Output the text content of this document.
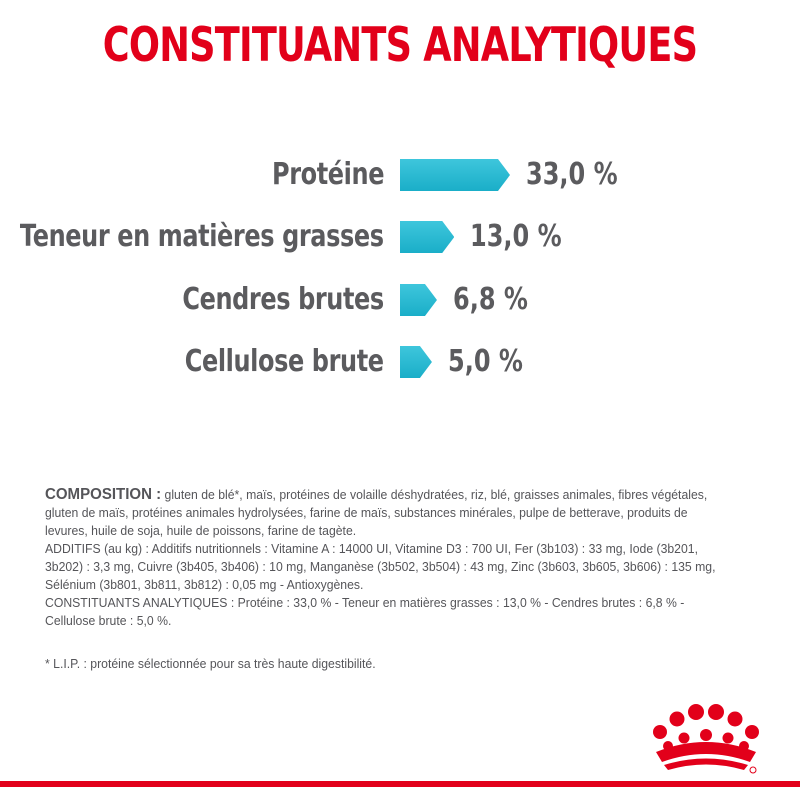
CONSTITUANTS ANALYTIQUES
Protéine	33,0 %
Teneur en matières grasses	13,0 %
Cendres brutes 6,8 %
Cellulose brute 5,0 %

COMPOSITION : gluten de blé*, maïs, protéines de volaille déshydratées, riz, blé, graisses animales, fibres végétales, gluten de maïs, protéines animales hydrolysées, farine de maïs, substances minérales, pulpe de betterave, produits de levures, huile de soja, huile de poissons, farine de tagète.

ADDITIFS (au kg) : Additifs nutritionnels : Vitamine A : 14000 UI, Vitamine D3 : 700 UI, Fer (3b103) : 33 mg, Iode (3b201, 3b202) : 3,3 mg, Cuivre (3b405, 3b406) : 10 mg, Manganèse (3b502, 3b504) : 43 mg, Zinc (3b603, 3b605, 3b606) : 135 mg, Sélénium (3b801, 3b811, 3b812) : 0,05 mg - Antioxygènes.

CONSTITUANTS ANALYTIQUES : Protéine : 33,0 % - Teneur en matières grasses : 13,0 % - Cendres brutes : 6,8 % - Cellulose brute : 5,0 %.

* L.I.P. : protéine sélectionnée pour sa très haute digestibilité.
